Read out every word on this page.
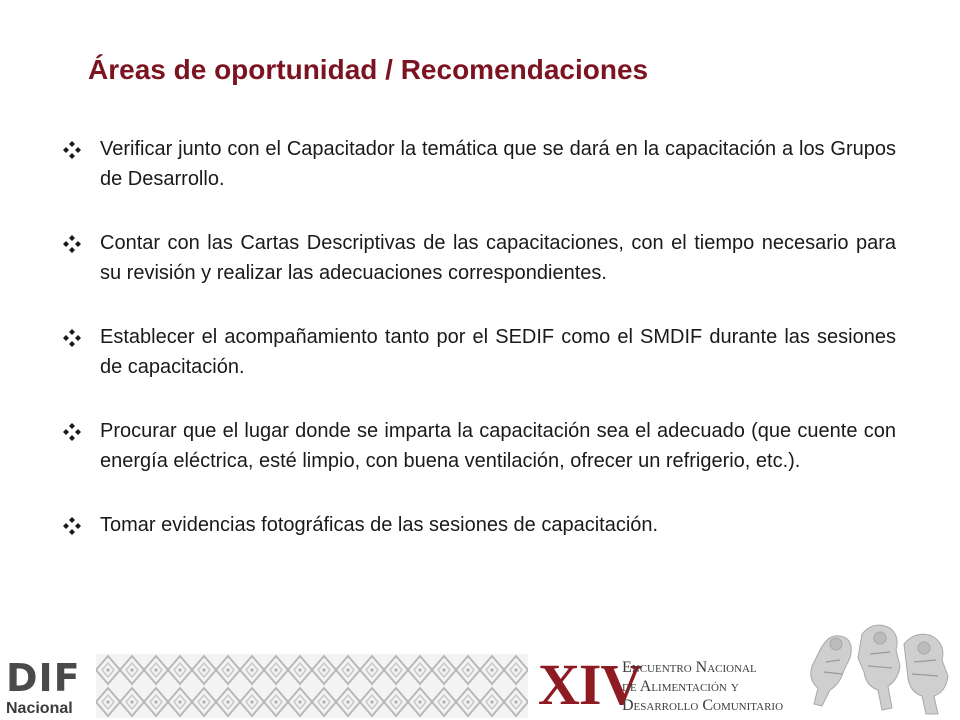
Áreas de oportunidad / Recomendaciones
Verificar junto con el Capacitador la temática que se dará en la capacitación a los Grupos de Desarrollo.
Contar con las Cartas Descriptivas de las capacitaciones, con el tiempo necesario para su revisión y realizar las adecuaciones correspondientes.
Establecer el acompañamiento tanto por el SEDIF como el SMDIF durante las sesiones de capacitación.
Procurar que el lugar donde se imparta la capacitación sea el adecuado (que cuente con energía eléctrica, esté limpio, con buena ventilación, ofrecer un refrigerio, etc.).
Tomar evidencias fotográficas de las sesiones de capacitación.
DIF
Nacional	XIV
Encuentro Nacional
de Alimentación y
Desarrollo Comunitario
